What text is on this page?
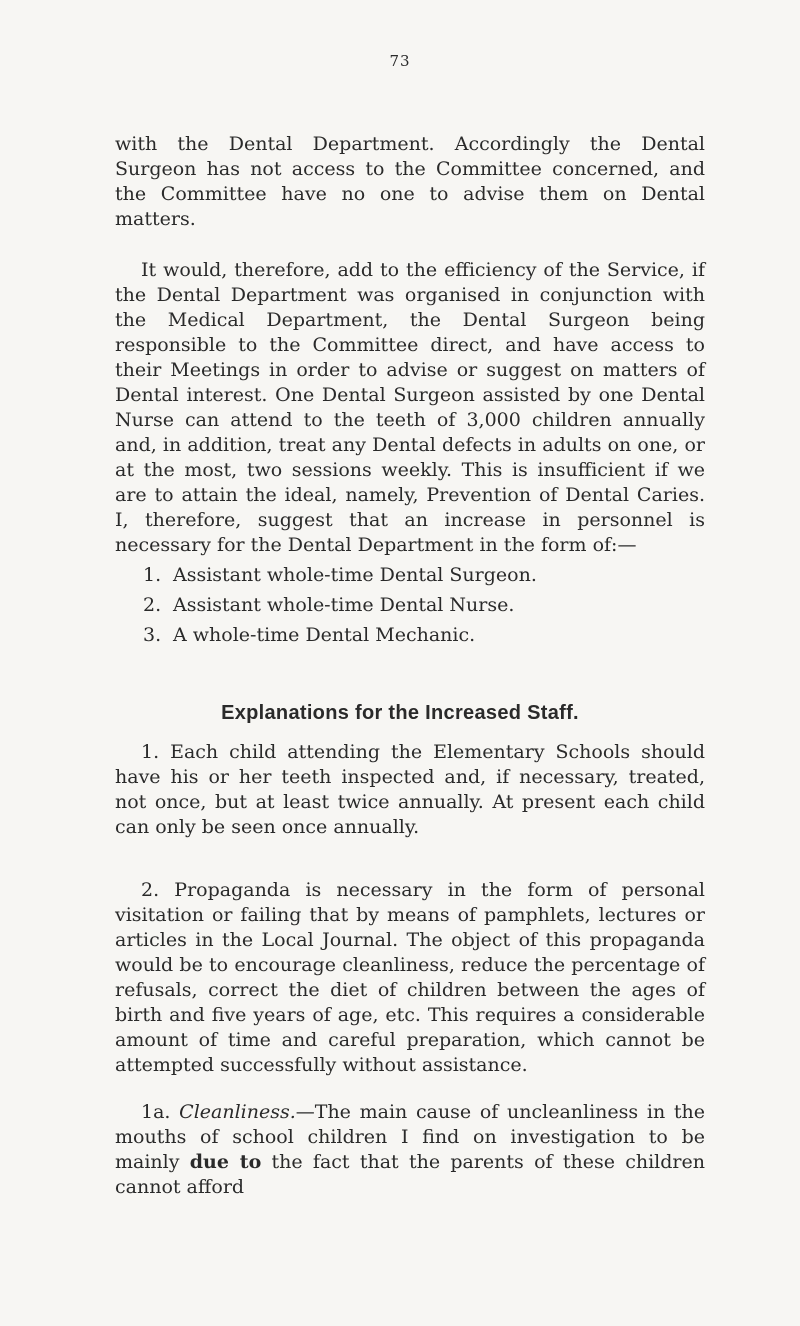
73

with the Dental Department. Accordingly the Dental Surgeon has not access to the Committee concerned, and the Committee have no one to advise them on Dental matters.

It would, therefore, add to the efficiency of the Service, if the Dental Department was organised in conjunction with the Medical Department, the Dental Surgeon being responsible to the Committee direct, and have access to their Meetings in order to advise or suggest on matters of Dental interest. One Dental Surgeon assisted by one Dental Nurse can attend to the teeth of 3,000 children annually and, in addition, treat any Dental defects in adults on one, or at the most, two sessions weekly. This is insufficient if we are to attain the ideal, namely, Prevention of Dental Caries. I, therefore, suggest that an increase in personnel is necessary for the Dental Department in the form of:—

1. Assistant whole-time Dental Surgeon.
2. Assistant whole-time Dental Nurse.
3. A whole-time Dental Mechanic.
Explanations for the Increased Staff.

1. Each child attending the Elementary Schools should have his or her teeth inspected and, if necessary, treated, not once, but at least twice annually. At present each child can only be seen once annually.

2. Propaganda is necessary in the form of personal visitation or failing that by means of pamphlets, lectures or articles in the Local Journal. The object of this propaganda would be to encourage cleanliness, reduce the percentage of refusals, correct the diet of children between the ages of birth and five years of age, etc. This requires a considerable amount of time and careful preparation, which cannot be attempted successfully without assistance.

1a. Cleanliness.—The main cause of uncleanliness in the mouths of school children I find on investigation to be mainly due to the fact that the parents of these children cannot afford
